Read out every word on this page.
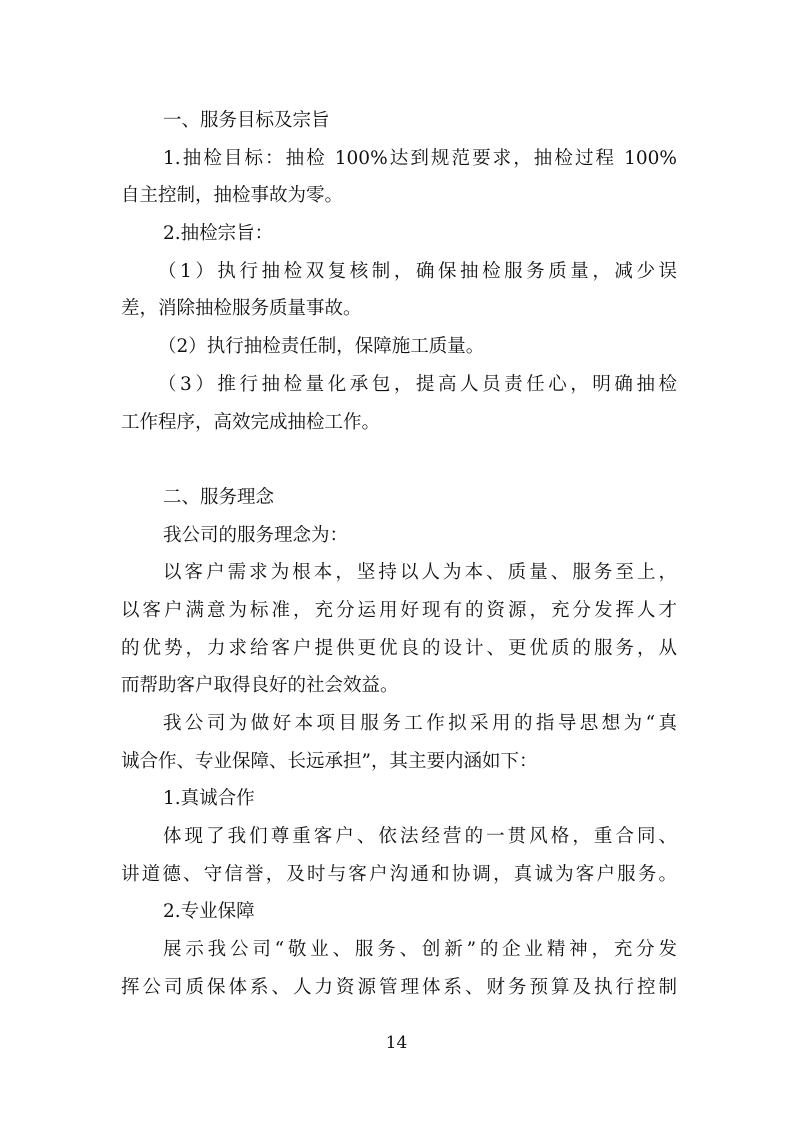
一、服务目标及宗旨
1.抽检目标：抽检 100%达到规范要求，抽检过程 100%
自主控制，抽检事故为零。
2.抽检宗旨：
（1）执行抽检双复核制，确保抽检服务质量，减少误
差，消除抽检服务质量事故。
（2）执行抽检责任制，保障施工质量。
（3）推行抽检量化承包，提高人员责任心，明确抽检
工作程序，高效完成抽检工作。
二、服务理念
我公司的服务理念为：
以客户需求为根本，坚持以人为本、质量、服务至上，
以客户满意为标准，充分运用好现有的资源，充分发挥人才
的优势，力求给客户提供更优良的设计、更优质的服务，从
而帮助客户取得良好的社会效益。
我公司为做好本项目服务工作拟采用的指导思想为“真
诚合作、专业保障、长远承担”，其主要内涵如下：
1.真诚合作
体现了我们尊重客户、依法经营的一贯风格，重合同、
讲道德、守信誉，及时与客户沟通和协调，真诚为客户服务。
2.专业保障
展示我公司“敬业、服务、创新”的企业精神，充分发
挥公司质保体系、人力资源管理体系、财务预算及执行控制
14
